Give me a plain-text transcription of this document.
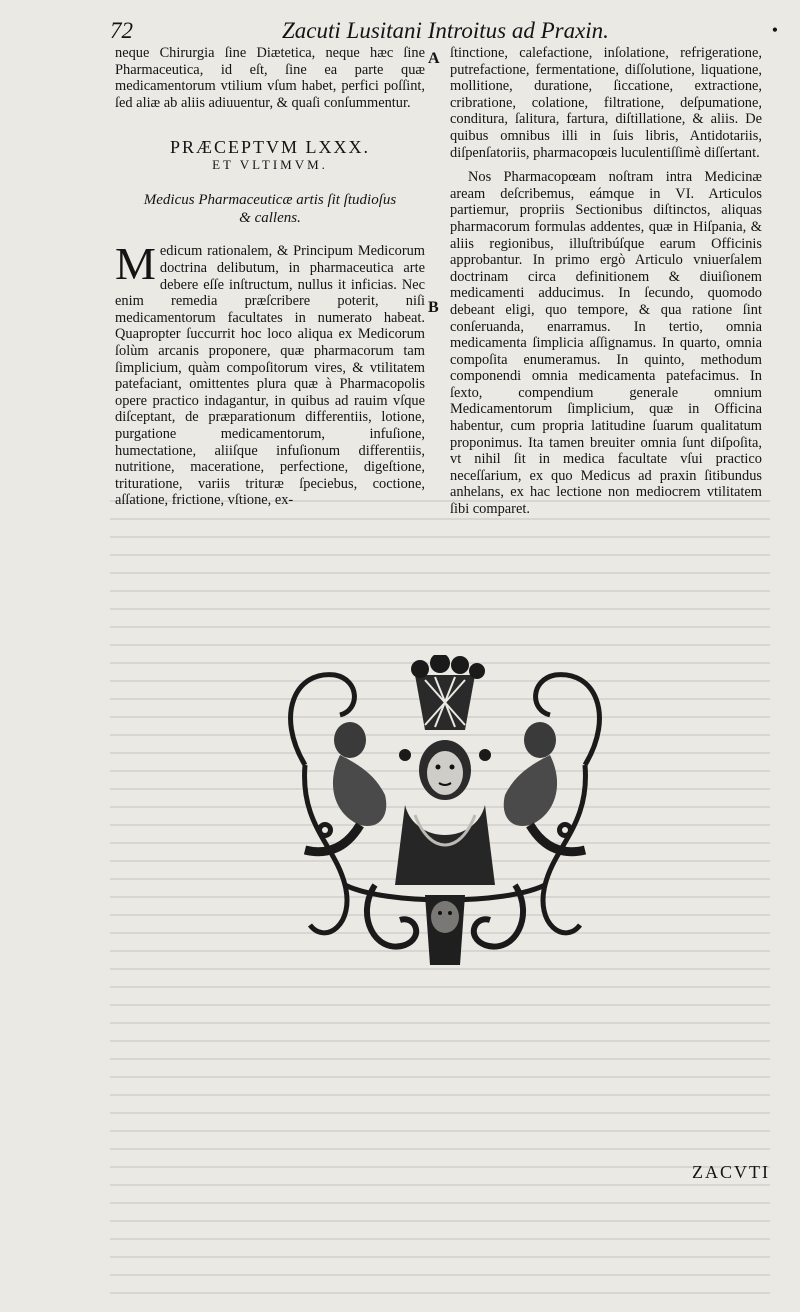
72	Zacuti Lusitani Introitus ad Praxin.	•

neque Chirurgia ſine Diætetica, neque hæc ſine Pharmaceutica, id eſt, ſine ea parte quæ medicamentorum vtilium vſum habet, perfici poſſint, ſed aliæ ab aliis adiuuentur, & quaſi conſummentur.

PRÆCEPTVM LXXX.
ET VLTIMVM.
Medicus Pharmaceuticæ artis ſit ſtudioſus
& callens.

Medicum rationalem, & Principum Medicorum doctrina delibutum, in pharmaceutica arte debere eſſe inſtructum, nullus it inficias. Nec enim remedia præſcribere poterit, niſi medicamentorum facultates in numerato habeat. Quapropter ſuccurrit hoc loco aliqua ex Medicorum ſolùm arcanis proponere, quæ pharmacorum tam ſimplicium, quàm compoſitorum vires, & vtilitatem patefaciant, omittentes plura quæ à Pharmacopolis opere practico indagantur, in quibus ad rauim vſque diſceptant, de præparationum differentiis, lotione, purgatione medicamentorum, infuſione, humectatione, aliiſque infuſionum differentiis, nutritione, maceratione, perfectione, digeſtione, trituratione, variis trituræ ſpeciebus, coctione, aſſatione, frictione, vſtione, ex-

ſtinctione, calefactione, inſolatione, refrigeratione, putrefactione, fermentatione, diſſolutione, liquatione, mollitione, duratione, ſiccatione, extractione, cribratione, colatione, filtratione, deſpumatione, conditura, ſalitura, fartura, diſtillatione, & aliis. De quibus omnibus illi in ſuis libris, Antidotariis, diſpenſatoriis, pharmacopœis luculentiſſimè diſſertant.

Nos Pharmacopœam noſtram intra Medicinæ aream deſcribemus, eámque in VI. Articulos partiemur, propriis Sectionibus diſtinctos, aliquas pharmacorum formulas addentes, quæ in Hiſpania, & aliis regionibus, illuſtribúſque earum Officinis approbantur. In primo ergò Articulo vniuerſalem doctrinam circa definitionem & diuiſionem medicamenti adducimus. In ſecundo, quomodo debeant eligi, quo tempore, & qua ratione ſint conſeruanda, enarramus. In tertio, omnia medicamenta ſimplicia aſſignamus. In quarto, omnia compoſita enumeramus. In quinto, methodum componendi omnia medicamenta patefacimus. In ſexto, compendium generale omnium Medicamentorum ſimplicium, quæ in Officina habentur, cum propria latitudine ſuarum qualitatum proponimus. Ita tamen breuiter omnia ſunt diſpoſita, vt nihil ſit in medica facultate vſui practico neceſſarium, ex quo Medicus ad praxin ſitibundus anhelans, ex hac lectione non mediocrem vtilitatem ſibi comparet.

A
B
ZACVTI
